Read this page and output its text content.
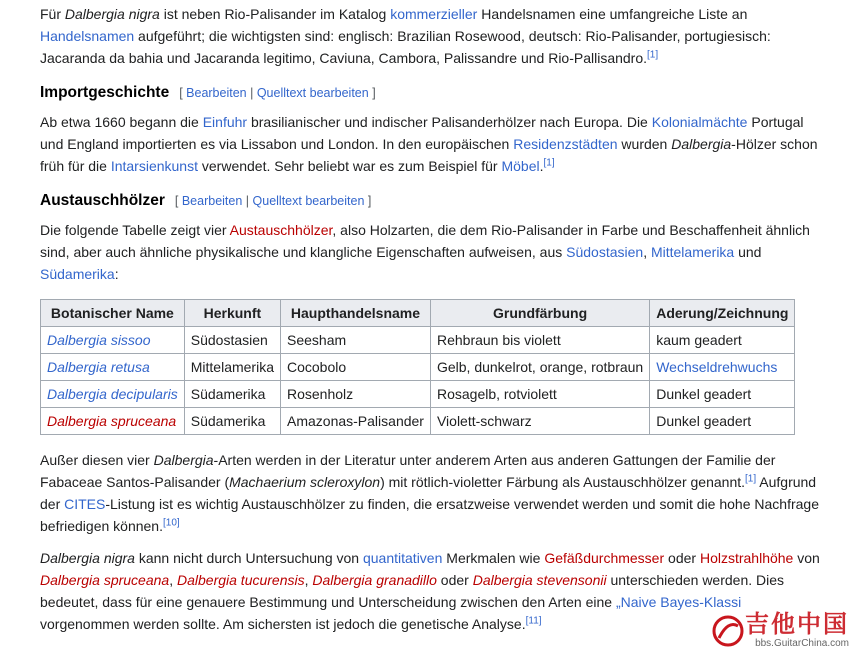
Für Dalbergia nigra ist neben Rio-Palisander im Katalog kommerzieller Handelsnamen eine umfangreiche Liste an Handelsnamen aufgeführt; die wichtigsten sind: englisch: Brazilian Rosewood, deutsch: Rio-Palisander, portugiesisch: Jacaranda da bahia und Jacaranda legitimo, Caviuna, Cambora, Palissandre und Rio-Pallisandro.[1]

Importgeschichte [ Bearbeiten | Quelltext bearbeiten ]

Ab etwa 1660 begann die Einfuhr brasilianischer und indischer Palisanderhölzer nach Europa. Die Kolonialmächte Portugal und England importierten es via Lissabon und London. In den europäischen Residenzstädten wurden Dalbergia-Hölzer schon früh für die Intarsienkunst verwendet. Sehr beliebt war es zum Beispiel für Möbel.[1]

Austauschhölzer [ Bearbeiten | Quelltext bearbeiten ]

Die folgende Tabelle zeigt vier Austauschhölzer, also Holzarten, die dem Rio-Palisander in Farbe und Beschaffenheit ähnlich sind, aber auch ähnliche physikalische und klangliche Eigenschaften aufweisen, aus Südostasien, Mittelamerika und Südamerika:

Botanischer Name	Herkunft	Haupthandelsname	Grundfärbung	Aderung/Zeichnung
Dalbergia sissoo	Südostasien	Seesham	Rehbraun bis violett	kaum geadert
Dalbergia retusa	Mittelamerika	Cocobolo	Gelb, dunkelrot, orange, rotbraun	Wechseldrehwuchs
Dalbergia decipularis	Südamerika	Rosenholz	Rosagelb, rotviolett	Dunkel geadert
Dalbergia spruceana	Südamerika	Amazonas-Palisander	Violett-schwarz	Dunkel geadert

Außer diesen vier Dalbergia-Arten werden in der Literatur unter anderem Arten aus anderen Gattungen der Familie der Fabaceae Santos-Palisander (Machaerium scleroxylon) mit rötlich-violetter Färbung als Austauschhölzer genannt.[1] Aufgrund der CITES-Listung ist es wichtig Austauschhölzer zu finden, die ersatzweise verwendet werden und somit die hohe Nachfrage befriedigen können.[10]

Dalbergia nigra kann nicht durch Untersuchung von quantitativen Merkmalen wie Gefäßdurchmesser oder Holzstrahlhöhe von Dalbergia spruceana, Dalbergia tucurensis, Dalbergia granadillo oder Dalbergia stevensonii unterschieden werden. Dies bedeutet, dass für eine genauere Bestimmung und Unterscheidung zwischen den Arten eine „Naive Bayes-Klassi vorgenommen werden sollte. Am sichersten ist jedoch die genetische Analyse.[11]	吉他中国
bbs.GuitarChina.com
